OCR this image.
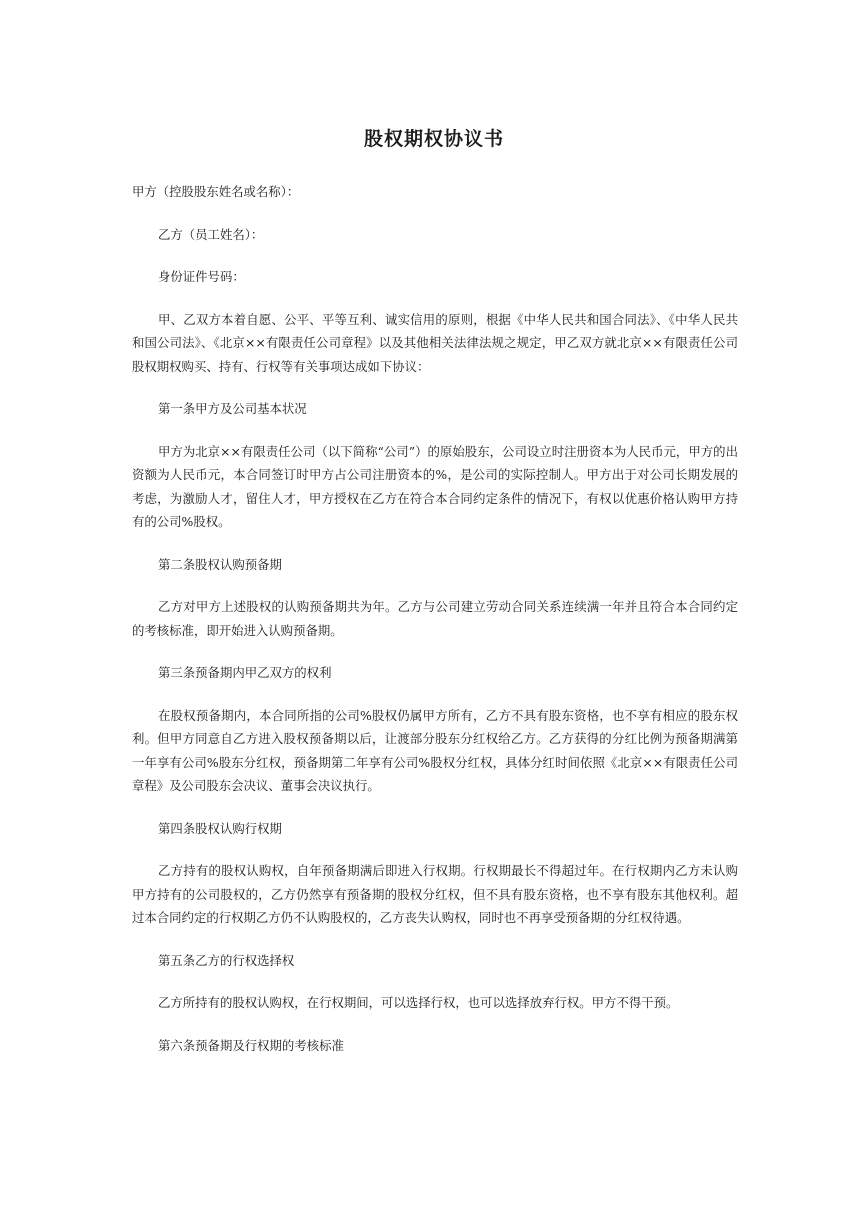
股权期权协议书

甲方（控股股东姓名或名称）：

乙方（员工姓名）：

身份证件号码：

甲、乙双方本着自愿、公平、平等互利、诚实信用的原则，根据《中华人民共和国合同法》、《中华人民共和国公司法》、《北京××有限责任公司章程》以及其他相关法律法规之规定，甲乙双方就北京××有限责任公司股权期权购买、持有、行权等有关事项达成如下协议：

第一条甲方及公司基本状况

甲方为北京××有限责任公司（以下简称“公司”）的原始股东，公司设立时注册资本为人民币元，甲方的出资额为人民币元，本合同签订时甲方占公司注册资本的%，是公司的实际控制人。甲方出于对公司长期发展的考虑，为激励人才，留住人才，甲方授权在乙方在符合本合同约定条件的情况下，有权以优惠价格认购甲方持有的公司%股权。

第二条股权认购预备期

乙方对甲方上述股权的认购预备期共为年。乙方与公司建立劳动合同关系连续满一年并且符合本合同约定的考核标准，即开始进入认购预备期。

第三条预备期内甲乙双方的权利

在股权预备期内，本合同所指的公司%股权仍属甲方所有，乙方不具有股东资格，也不享有相应的股东权利。但甲方同意自乙方进入股权预备期以后，让渡部分股东分红权给乙方。乙方获得的分红比例为预备期满第一年享有公司%股东分红权，预备期第二年享有公司%股权分红权，具体分红时间依照《北京××有限责任公司章程》及公司股东会决议、董事会决议执行。

第四条股权认购行权期

乙方持有的股权认购权，自年预备期满后即进入行权期。行权期最长不得超过年。在行权期内乙方未认购甲方持有的公司股权的，乙方仍然享有预备期的股权分红权，但不具有股东资格，也不享有股东其他权利。超过本合同约定的行权期乙方仍不认购股权的，乙方丧失认购权，同时也不再享受预备期的分红权待遇。

第五条乙方的行权选择权

乙方所持有的股权认购权，在行权期间，可以选择行权，也可以选择放弃行权。甲方不得干预。

第六条预备期及行权期的考核标准
